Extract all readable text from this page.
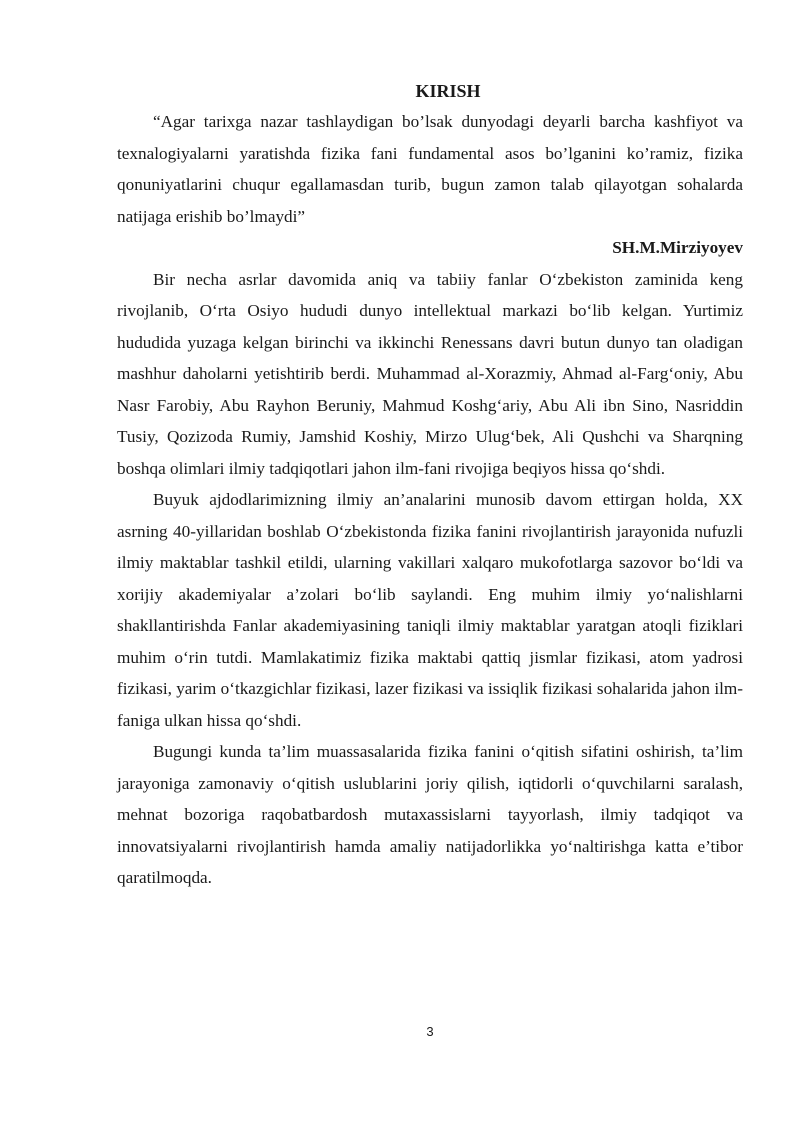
KIRISH

“Agar tarixga nazar tashlaydigan bo’lsak dunyodagi deyarli barcha kashfiyot va texnalogiyalarni yaratishda fizika fani fundamental asos bo’lganini ko’ramiz, fizika qonuniyatlarini chuqur egallamasdan turib, bugun zamon talab qilayotgan sohalarda natijaga erishib bo’lmaydi”

SH.M.Mirziyoyev

Bir necha asrlar davomida aniq va tabiiy fanlar O‘zbekiston zaminida keng rivojlanib, O‘rta Osiyo hududi dunyo intellektual markazi bo‘lib kelgan. Yurtimiz hududida yuzaga kelgan birinchi va ikkinchi Renessans davri butun dunyo tan oladigan mashhur daholarni yetishtirib berdi. Muhammad al-Xorazmiy, Ahmad al-Farg‘oniy, Abu Nasr Farobiy, Abu Rayhon Beruniy, Mahmud Koshg‘ariy, Abu Ali ibn Sino, Nasriddin Tusiy, Qozizoda Rumiy, Jamshid Koshiy, Mirzo Ulug‘bek, Ali Qushchi va Sharqning boshqa olimlari ilmiy tadqiqotlari jahon ilm-fani rivojiga beqiyos hissa qo‘shdi.

Buyuk ajdodlarimizning ilmiy an’analarini munosib davom ettirgan holda, XX asrning 40-yillaridan boshlab O‘zbekistonda fizika fanini rivojlantirish jarayonida nufuzli ilmiy maktablar tashkil etildi, ularning vakillari xalqaro mukofotlarga sazovor bo‘ldi va xorijiy akademiyalar a’zolari bo‘lib saylandi. Eng muhim ilmiy yo‘nalishlarni shakllantirishda Fanlar akademiyasining taniqli ilmiy maktablar yaratgan atoqli fiziklari muhim o‘rin tutdi. Mamlakatimiz fizika maktabi qattiq jismlar fizikasi, atom yadrosi fizikasi, yarim o‘tkazgichlar fizikasi, lazer fizikasi va issiqlik fizikasi sohalarida jahon ilm-faniga ulkan hissa qo‘shdi.

Bugungi kunda ta’lim muassasalarida fizika fanini o‘qitish sifatini oshirish, ta’lim jarayoniga zamonaviy o‘qitish uslublarini joriy qilish, iqtidorli o‘quvchilarni saralash, mehnat bozoriga raqobatbardosh mutaxassislarni tayyorlash, ilmiy tadqiqot va innovatsiyalarni rivojlantirish hamda amaliy natijadorlikka yo‘naltirishga katta e’tibor qaratilmoqda.

3
